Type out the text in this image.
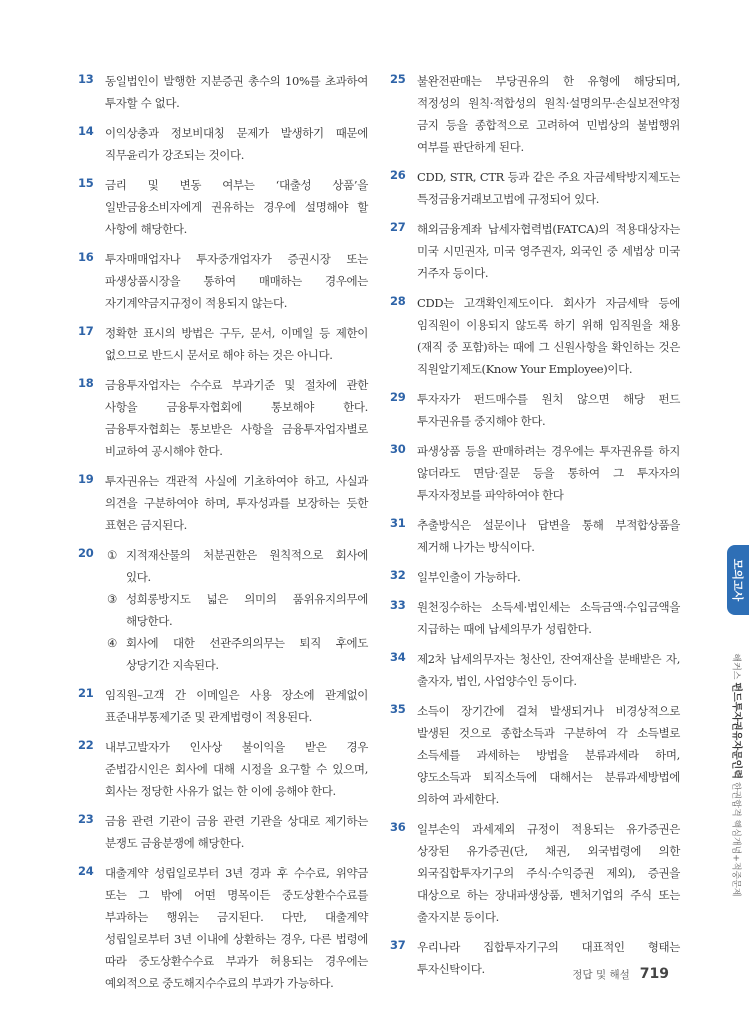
13 동일법인이 발행한 지분증권 총수의 10%를 초과하여 투자할 수 없다.
14 이익상충과 정보비대칭 문제가 발생하기 때문에 직무윤리가 강조되는 것이다.
15 금리 및 변동 여부는 ‘대출성 상품’을 일반금융소비자에게 권유하는 경우에 설명해야 할 사항에 해당한다.
16 투자매매업자나 투자중개업자가 증권시장 또는 파생상품시장을 통하여 매매하는 경우에는 자기계약금지규정이 적용되지 않는다.
17 정확한 표시의 방법은 구두, 문서, 이메일 등 제한이 없으므로 반드시 문서로 해야 하는 것은 아니다.
18 금융투자업자는 수수료 부과기준 및 절차에 관한 사항을 금융투자협회에 통보해야 한다. 금융투자협회는 통보받은 사항을 금융투자업자별로 비교하여 공시해야 한다.
19 투자권유는 객관적 사실에 기초하여야 하고, 사실과 의견을 구분하여야 하며, 투자성과를 보장하는 듯한 표현은 금지된다.
20 ① 지적재산물의 처분권한은 원칙적으로 회사에 있다.
③ 성희롱방지도 넓은 의미의 품위유지의무에 해당한다.
④ 회사에 대한 선관주의의무는 퇴직 후에도 상당기간 지속된다.
21 임직원–고객 간 이메일은 사용 장소에 관계없이 표준내부통제기준 및 관계법령이 적용된다.
22 내부고발자가 인사상 불이익을 받은 경우 준법감시인은 회사에 대해 시정을 요구할 수 있으며, 회사는 정당한 사유가 없는 한 이에 응해야 한다.
23 금융 관련 기관이 금융 관련 기관을 상대로 제기하는 분쟁도 금융분쟁에 해당한다.
24 대출계약 성립일로부터 3년 경과 후 수수료, 위약금 또는 그 밖에 어떤 명목이든 중도상환수수료를 부과하는 행위는 금지된다. 다만, 대출계약 성립일로부터 3년 이내에 상환하는 경우, 다른 법령에 따라 중도상환수수료 부과가 허용되는 경우에는 예외적으로 중도해지수수료의 부과가 가능하다.
25 불완전판매는 부당권유의 한 유형에 해당되며, 적정성의 원칙·적합성의 원칙·설명의무·손실보전약정 금지 등을 종합적으로 고려하여 민법상의 불법행위 여부를 판단하게 된다.
26 CDD, STR, CTR 등과 같은 주요 자금세탁방지제도는 특정금융거래보고법에 규정되어 있다.
27 해외금융계좌 납세자협력법(FATCA)의 적용대상자는 미국 시민권자, 미국 영주권자, 외국인 중 세법상 미국 거주자 등이다.
28 CDD는 고객확인제도이다. 회사가 자금세탁 등에 임직원이 이용되지 않도록 하기 위해 임직원을 채용(재직 중 포함)하는 때에 그 신원사항을 확인하는 것은 직원알기제도(Know Your Employee)이다.
29 투자자가 펀드매수를 원치 않으면 해당 펀드 투자권유를 중지해야 한다.
30 파생상품 등을 판매하려는 경우에는 투자권유를 하지 않더라도 면담·질문 등을 통하여 그 투자자의 투자자정보를 파악하여야 한다
31 추출방식은 설문이나 답변을 통해 부적합상품을 제거해 나가는 방식이다.
32 일부인출이 가능하다.
33 원천징수하는 소득세·법인세는 소득금액·수입금액을 지급하는 때에 납세의무가 성립한다.
34 제2차 납세의무자는 청산인, 잔여재산을 분배받은 자, 출자자, 법인, 사업양수인 등이다.
35 소득이 장기간에 걸쳐 발생되거나 비경상적으로 발생된 것으로 종합소득과 구분하여 각 소득별로 소득세를 과세하는 방법을 분류과세라 하며, 양도소득과 퇴직소득에 대해서는 분류과세방법에 의하여 과세한다.
36 일부손익 과세제외 규정이 적용되는 유가증권은 상장된 유가증권(단, 채권, 외국법령에 의한 외국집합투자기구의 주식·수익증권 제외), 증권을 대상으로 하는 장내파생상품, 벤처기업의 주식 또는 출자지분 등이다.
37 우리나라 집합투자기구의 대표적인 형태는 투자신탁이다.
모의고사
해커스 펀드투자권유자문인력 한권합격 핵심개념+적중문제
정답 및 해설 719
